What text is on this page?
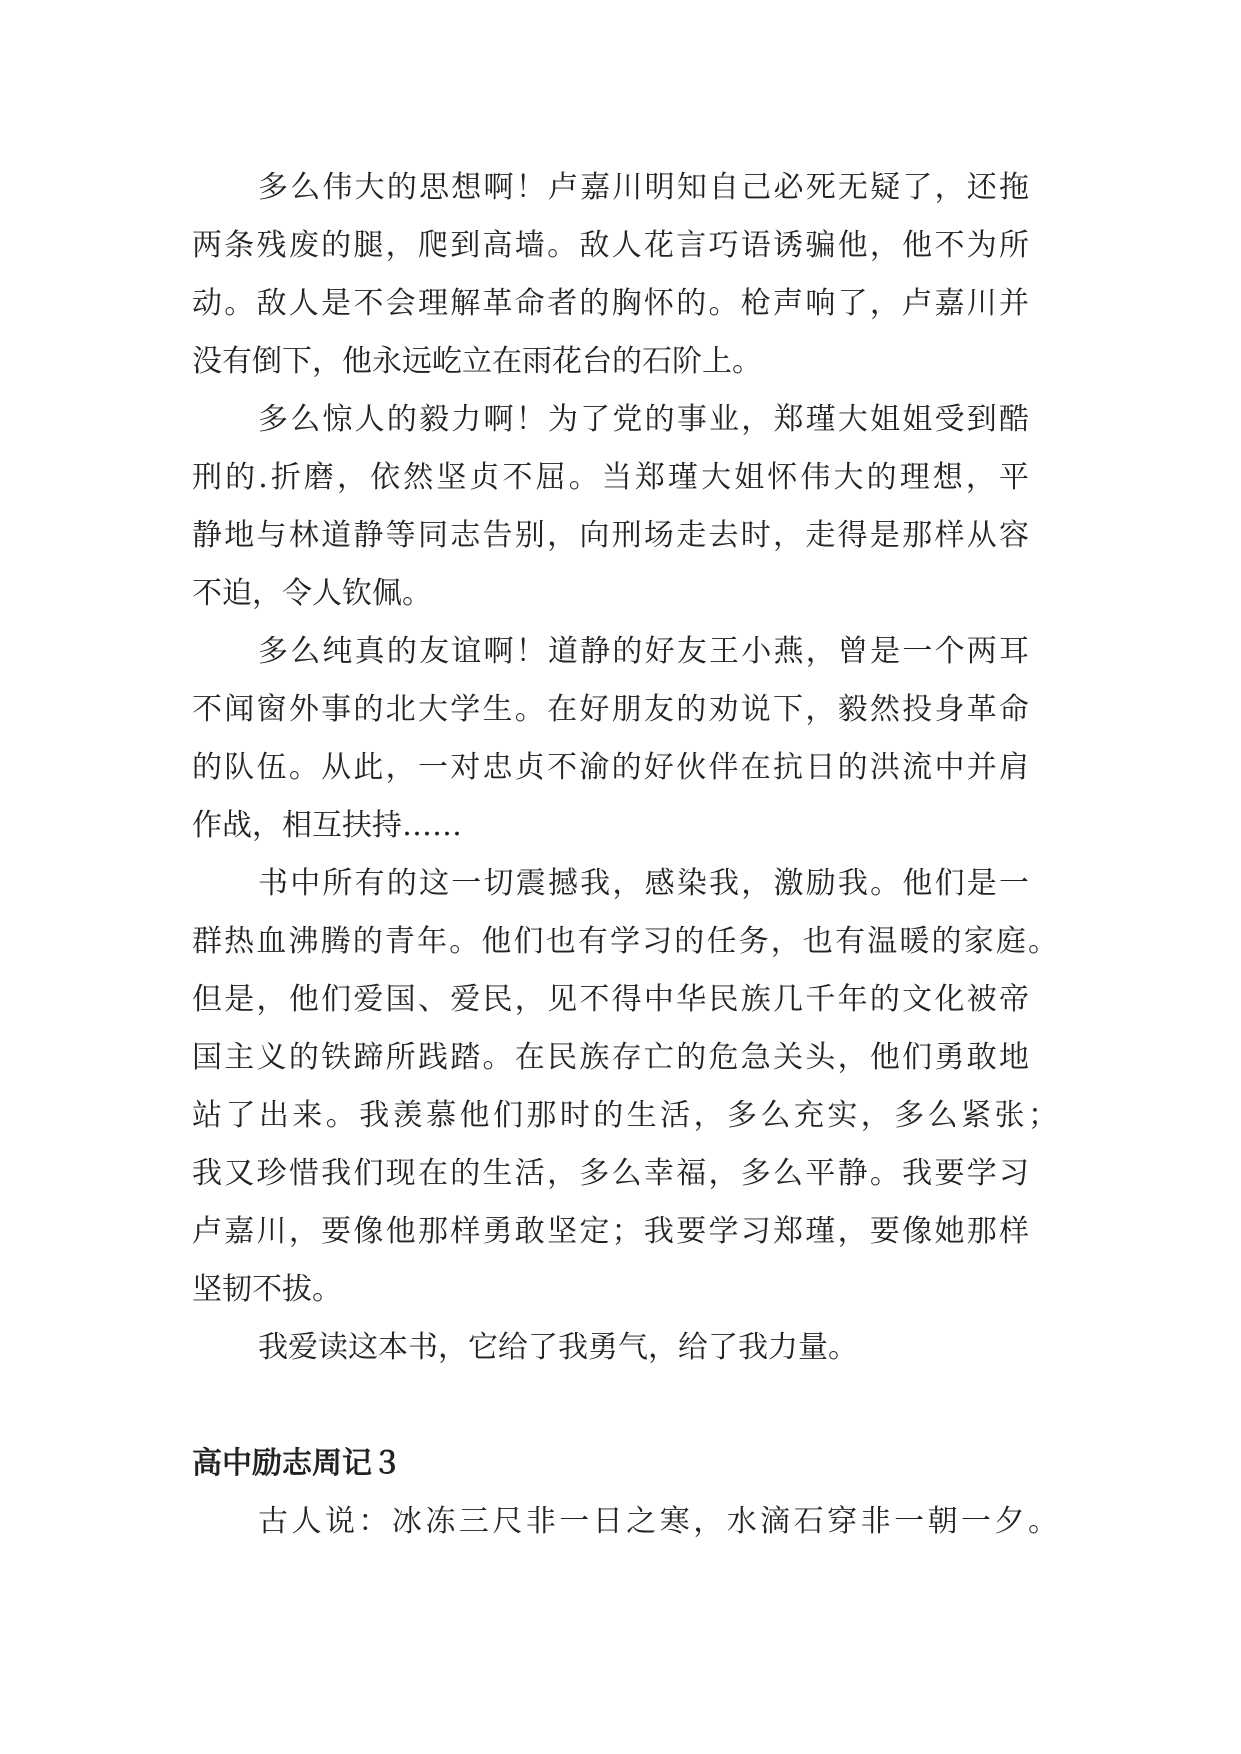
多么伟大的思想啊！卢嘉川明知自己必死无疑了，还拖

两条残废的腿，爬到高墙。敌人花言巧语诱骗他，他不为所

动。敌人是不会理解革命者的胸怀的。枪声响了，卢嘉川并

没有倒下，他永远屹立在雨花台的石阶上。

多么惊人的毅力啊！为了党的事业，郑瑾大姐姐受到酷

刑的.折磨，依然坚贞不屈。当郑瑾大姐怀伟大的理想，平

静地与林道静等同志告别，向刑场走去时，走得是那样从容

不迫，令人钦佩。

多么纯真的友谊啊！道静的好友王小燕，曾是一个两耳

不闻窗外事的北大学生。在好朋友的劝说下，毅然投身革命

的队伍。从此，一对忠贞不渝的好伙伴在抗日的洪流中并肩

作战，相互扶持……

书中所有的这一切震撼我，感染我，激励我。他们是一

群热血沸腾的青年。他们也有学习的任务，也有温暖的家庭。

但是，他们爱国、爱民，见不得中华民族几千年的文化被帝

国主义的铁蹄所践踏。在民族存亡的危急关头，他们勇敢地

站了出来。我羡慕他们那时的生活，多么充实，多么紧张；

我又珍惜我们现在的生活，多么幸福，多么平静。我要学习

卢嘉川，要像他那样勇敢坚定；我要学习郑瑾，要像她那样

坚韧不拔。

我爱读这本书，它给了我勇气，给了我力量。

高中励志周记３

古人说：冰冻三尺非一日之寒，水滴石穿非一朝一夕。
